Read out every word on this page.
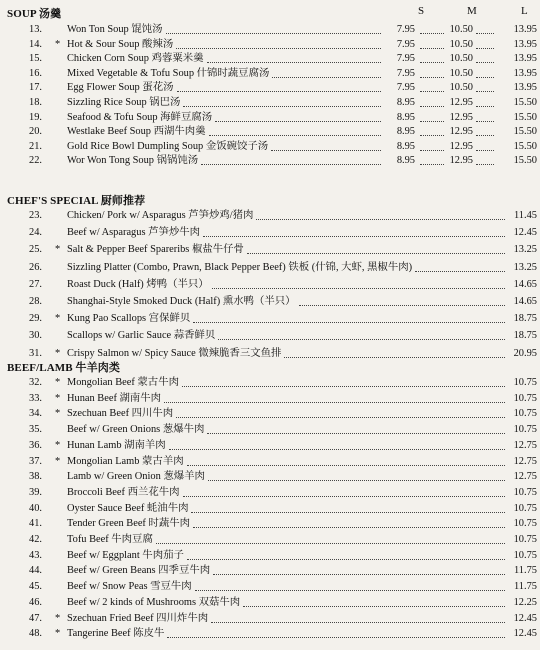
SOUP 汤羹	S	M	L
CHEF'S SPECIAL 厨师推荐
BEEF/LAMB 牛羊肉类
13. Won Ton Soup 馄饨汤	7.95	10.50	13.95
14. * Hot & Sour Soup 酸辣汤	7.95	10.50	13.95
15. Chicken Corn Soup 鸡蓉粟米羹	7.95	10.50	13.95
16. Mixed Vegetable & Tofu Soup 什锦时蔬豆腐汤	7.95	10.50	13.95
17. Egg Flower Soup 蛋花汤	7.95	10.50	13.95
18. Sizzling Rice Soup 锅巴汤	8.95	12.95	15.50
19. Seafood & Tofu Soup 海鲜豆腐汤	8.95	12.95	15.50
20. Westlake Beef Soup 西湖牛肉羹	8.95	12.95	15.50
21. Gold Rice Bowl Dumpling Soup 金饭碗饺子汤	8.95	12.95	15.50
22. Wor Won Tong Soup 锅锅饨汤	8.95	12.95	15.50
23. Chicken/ Pork w/ Asparagus 芦笋炒鸡/猪肉	11.45
24. Beef w/ Asparagus 芦笋炒牛肉	12.45
25. * Salt & Pepper Beef Spareribs 椒盐牛仔骨	13.25
26. Sizzling Platter (Combo, Prawn, Black Pepper Beef) 铁板 (什锦, 大虾, 黑椒牛肉)	13.25
27. Roast Duck (Half) 烤鸭（半只）	14.65
28. Shanghai-Style Smoked Duck (Half) 熏水鸭（半只）	14.65
29. * Kung Pao Scallops 宫保鲜贝	18.75
30. Scallops w/ Garlic Sauce 蒜香鲜贝	18.75
31. * Crispy Salmon w/ Spicy Sauce 微辣脆香三文鱼排	20.95
32. * Mongolian Beef 蒙古牛肉	10.75
33. * Hunan Beef 湖南牛肉	10.75
34. * Szechuan Beef 四川牛肉	10.75
35. Beef w/ Green Onions 葱爆牛肉	10.75
36. * Hunan Lamb 湖南羊肉	12.75
37. * Mongolian Lamb 蒙古羊肉	12.75
38. Lamb w/ Green Onion 葱爆羊肉	12.75
39. Broccoli Beef 西兰花牛肉	10.75
40. Oyster Sauce Beef 蚝油牛肉	10.75
41. Tender Green Beef 时蔬牛肉	10.75
42. Tofu Beef 牛肉豆腐	10.75
43. Beef w/ Eggplant 牛肉茄子	10.75
44. Beef w/ Green Beans 四季豆牛肉	11.75
45. Beef w/ Snow Peas 雪豆牛肉	11.75
46. Beef w/ 2 kinds of Mushrooms 双菇牛肉	12.25
47. * Szechuan Fried Beef 四川炸牛肉	12.45
48. * Tangerine Beef 陈皮牛	12.45
